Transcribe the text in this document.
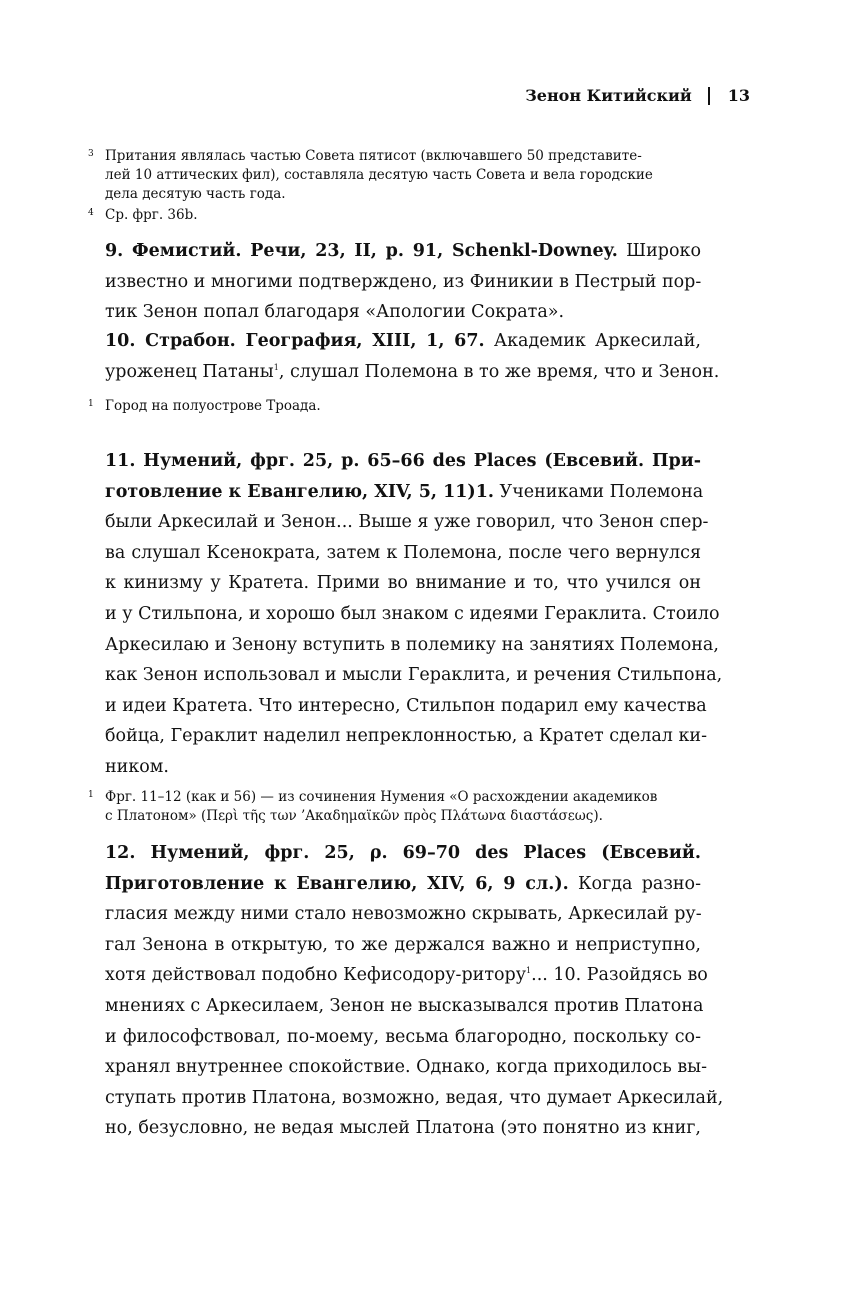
Зенон Китийский 13
3 Притания являлась частью Совета пятисот (включавшего 50 представите-
лей 10 аттических фил), составляла десятую часть Совета и вела городские
дела десятую часть года.
4 Ср. фрг. 36b.
9. Фемистий. Речи, 23, II, p. 91, Schenkl-Downey. Широко
известно и многими подтверждено, из Финикии в Пестрый пор-
тик Зенон попал благодаря «Апологии Сократа».
10. Страбон. География, XIII, 1, 67. Академик Аркесилай,
уроженец Патаны$^1$, слушал Полемона в то же время, что и Зенон.
1 Город на полуострове Троада.
11. Нумений, фрг. 25, p. 65–66 des Places (Евсевий. При-
готовление к Евангелию, XIV, 5, 11)1. Учениками Полемона
были Аркесилай и Зенон... Выше я уже говорил, что Зенон спер-
ва слушал Ксенократа, затем к Полемона, после чего вернулся
к кинизму у Кратета. Прими во внимание и то, что учился он
и у Стильпона, и хорошо был знаком с идеями Гераклита. Стоило
Аркесилаю и Зенону вступить в полемику на занятиях Полемона,
как Зенон использовал и мысли Гераклита, и речения Стильпона,
и идеи Кратета. Что интересно, Стильпон подарил ему качества
бойца, Гераклит наделил непреклонностью, а Кратет сделал ки-
ником.
1 Фрг. 11–12 (как и 56) — из сочинения Нумения «О расхождении академиков
с Платоном» (Περὶ τῆς των ’Ακαδημαϊκῶν πρὸς Πλάτωνα διαστάσεως).
12. Нумений, фрг. 25, ρ. 69–70 des Places (Евсевий.
Приготовление к Евангелию, XIV, 6, 9 сл.). Когда разно-
гласия между ними стало невозможно скрывать, Аркесилай ру-
гал Зенона в открытую, то же держался важно и неприступно,
хотя действовал подобно Кефисодору-ритору$^1$... 10. Разойдясь во
мнениях с Аркесилаем, Зенон не высказывался против Платона
и философствовал, по-моему, весьма благородно, поскольку со-
хранял внутреннее спокойствие. Однако, когда приходилось вы-
ступать против Платона, возможно, ведая, что думает Аркесилай,
но, безусловно, не ведая мыслей Платона (это понятно из книг,
